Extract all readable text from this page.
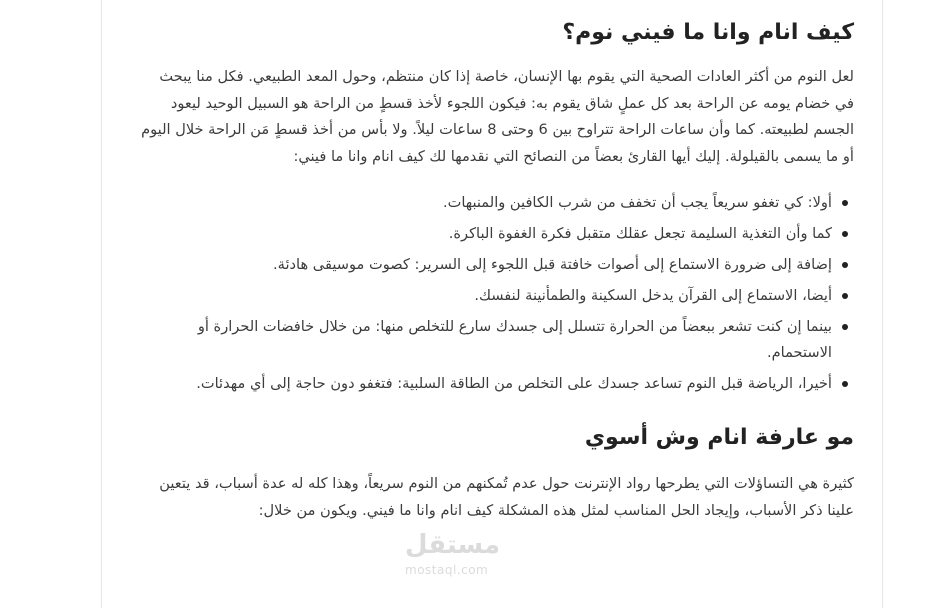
كيف انام وانا ما فيني نوم؟

لعل النوم من أكثر العادات الصحية التي يقوم بها الإنسان، خاصة إذا كان منتظم، وحول المعد الطبيعي. فكل منا يبحث في خضام يومه عن الراحة بعد كل عملٍ شاق يقوم به: فيكون اللجوء لأخذ قسطٍ من الراحة هو السبيل الوحيد ليعود الجسم لطبيعته. كما وأن ساعات الراحة تتراوح بين 6 وحتى 8 ساعات ليلاً. ولا بأس من أخذ قسطٍ مَن الراحة خلال اليوم أو ما يسمى بالقيلولة. إليك أيها القارئ بعضاً من النصائح التي نقدمها لك كيف انام وانا ما فيني:

أولا: كي تغفو سريعاً يجب أن تخفف من شرب الكافين والمنبهات.
كما وأن التغذية السليمة تجعل عقلك متقبل فكرة الغفوة الباكرة.
إضافة إلى ضرورة الاستماع إلى أصوات خافتة قبل اللجوء إلى السرير: كصوت موسيقى هادئة.
أيضا، الاستماع إلى القرآن يدخل السكينة والطمأنينة لنفسك.
بينما إن كنت تشعر ببعضاً من الحرارة تتسلل إلى جسدك سارع للتخلص منها: من خلال خافضات الحرارة أو الاستحمام.
أخيرا، الرياضة قبل النوم تساعد جسدك على التخلص من الطاقة السلبية: فتغفو دون حاجة إلى أي مهدئات.
مو عارفة انام وش أسوي

كثيرة هي التساؤلات التي يطرحها رواد الإنترنت حول عدم تُمكنهم من النوم سريعاً، وهذا كله له عدة أسباب، قد يتعين علينا ذكر الأسباب، وإيجاد الحل المناسب لمثل هذه المشكلة كيف انام وانا ما فيني. ويكون من خلال:

مستقل
mostaql.com
